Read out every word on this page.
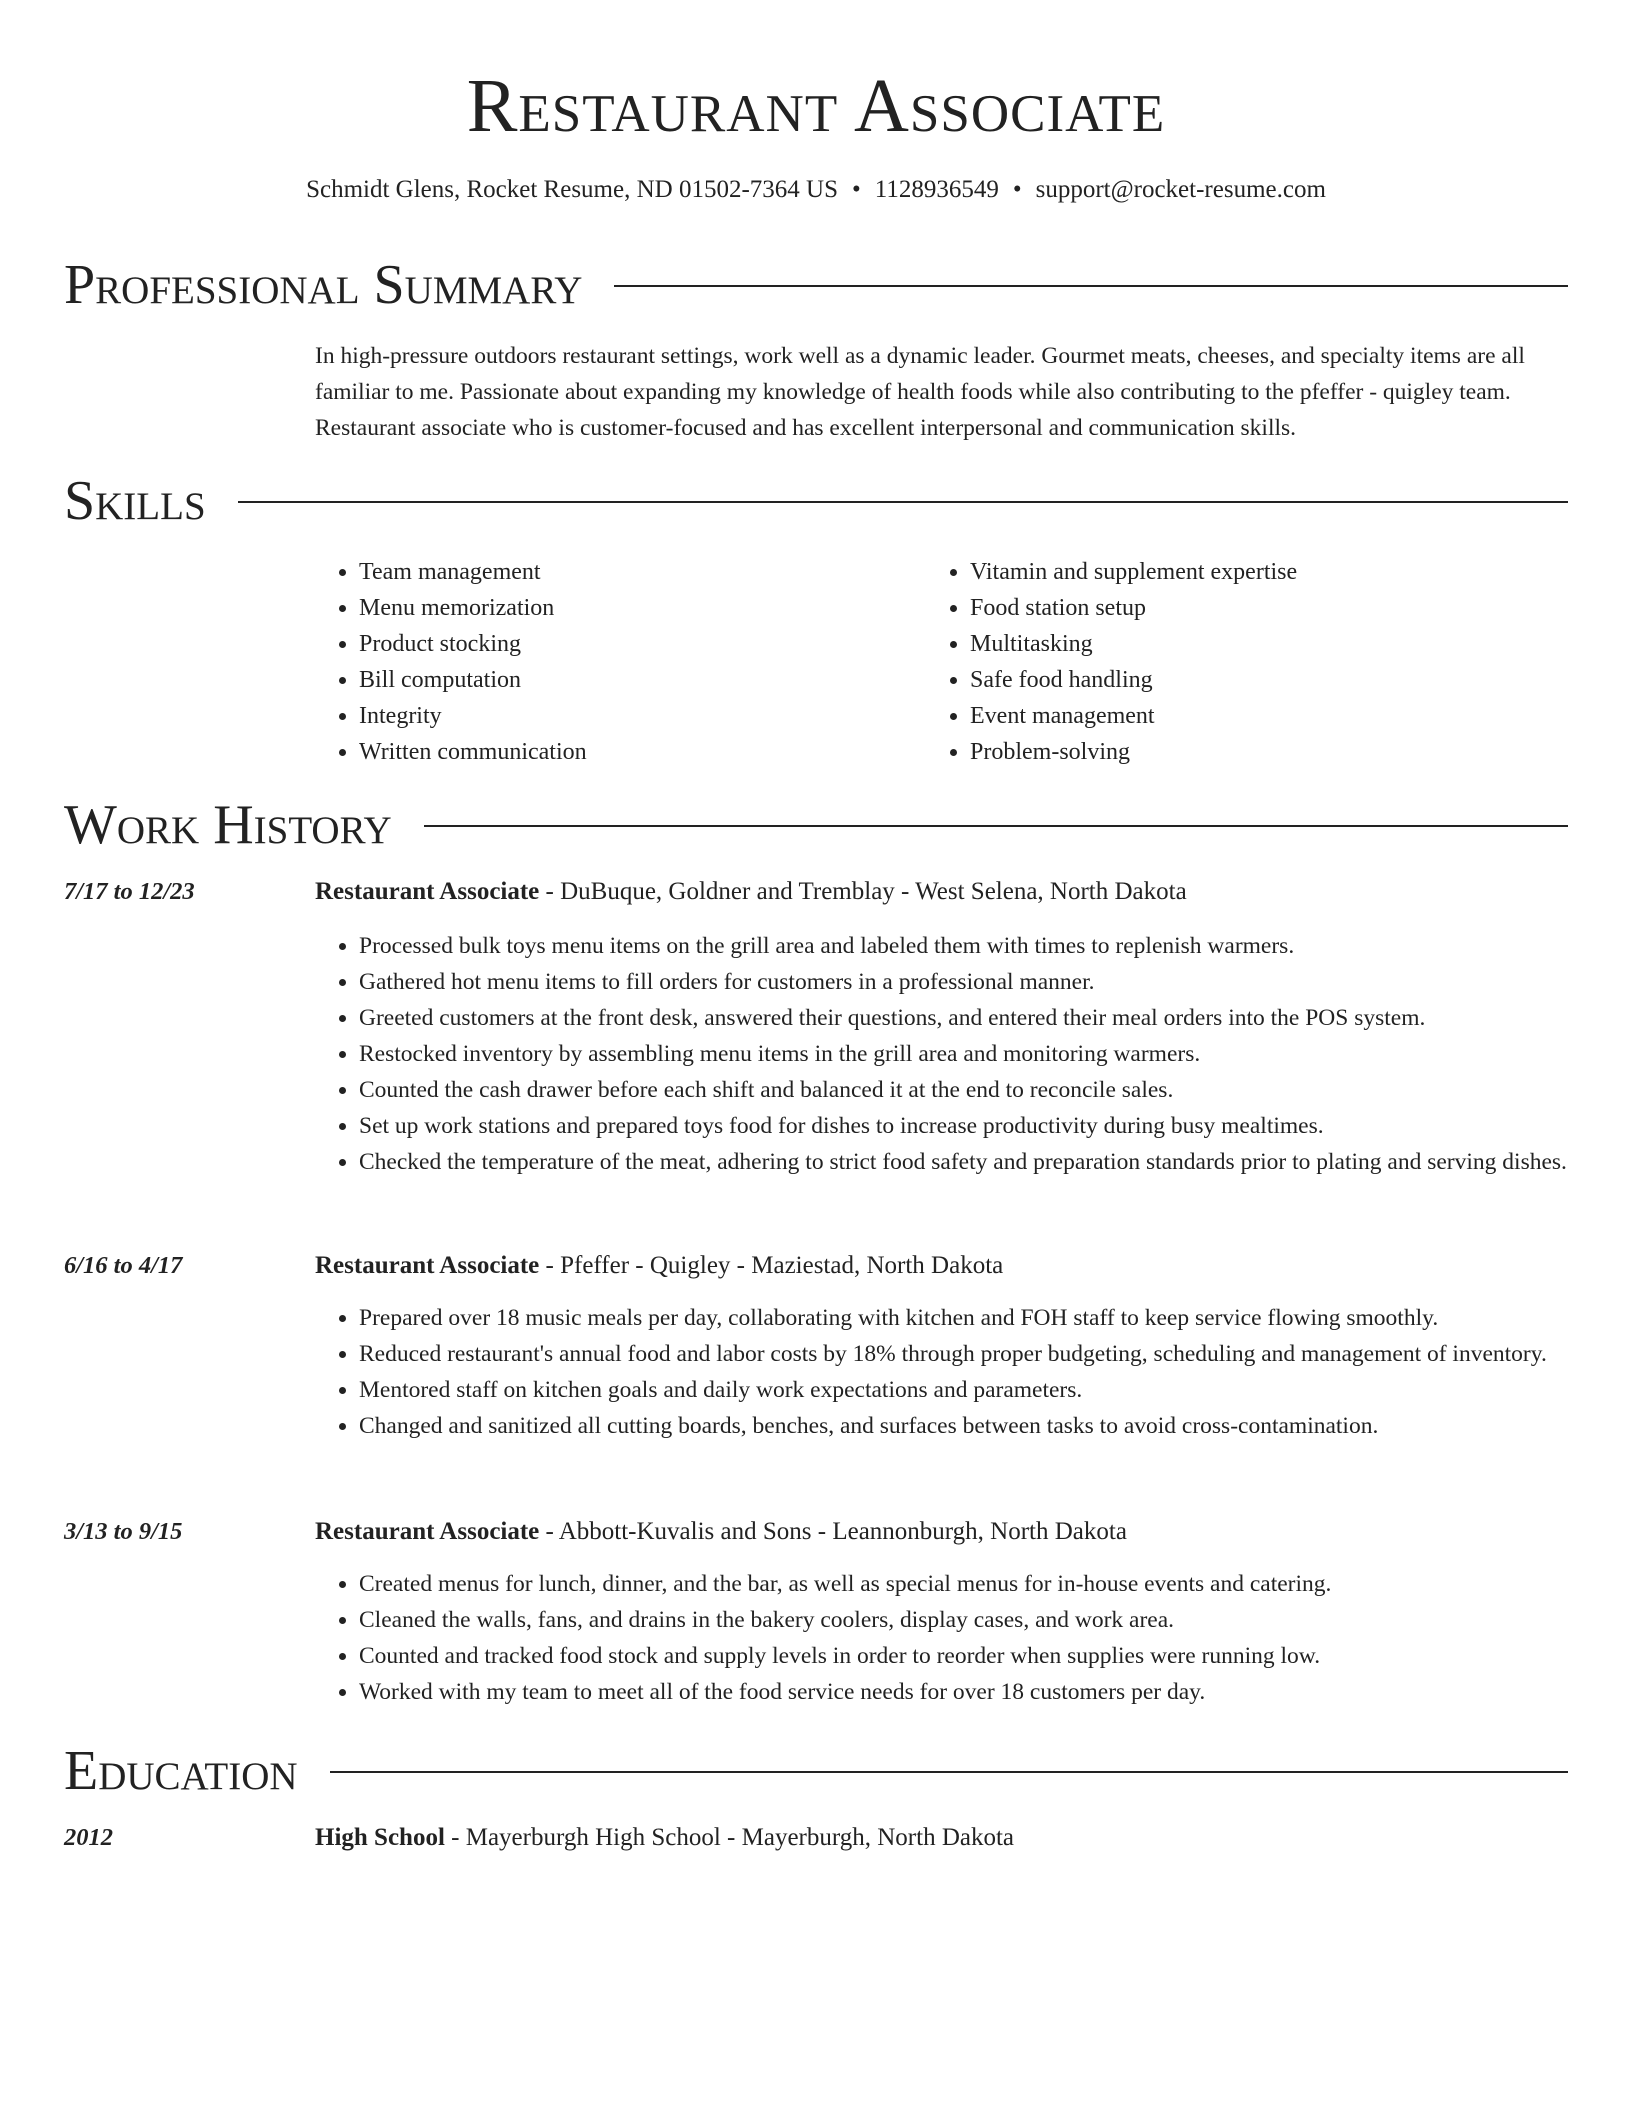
Restaurant Associate
Schmidt Glens, Rocket Resume, ND 01502-7364 US • 1128936549 • support@rocket-resume.com
Professional Summary

In high-pressure outdoors restaurant settings, work well as a dynamic leader. Gourmet meats, cheeses, and specialty items are all familiar to me. Passionate about expanding my knowledge of health foods while also contributing to the pfeffer - quigley team. Restaurant associate who is customer-focused and has excellent interpersonal and communication skills.

Skills
• Team management
• Menu memorization
• Product stocking
• Bill computation
• Integrity
• Written communication
• Vitamin and supplement expertise
• Food station setup
• Multitasking
• Safe food handling
• Event management
• Problem-solving
Work History
7/17 to 12/23	Restaurant Associate - DuBuque, Goldner and Tremblay - West Selena, North Dakota
• Processed bulk toys menu items on the grill area and labeled them with times to replenish warmers.
• Gathered hot menu items to fill orders for customers in a professional manner.
• Greeted customers at the front desk, answered their questions, and entered their meal orders into the POS system.
• Restocked inventory by assembling menu items in the grill area and monitoring warmers.
• Counted the cash drawer before each shift and balanced it at the end to reconcile sales.
• Set up work stations and prepared toys food for dishes to increase productivity during busy mealtimes.
• Checked the temperature of the meat, adhering to strict food safety and preparation standards prior to plating and serving dishes.
6/16 to 4/17	Restaurant Associate - Pfeffer - Quigley - Maziestad, North Dakota
• Prepared over 18 music meals per day, collaborating with kitchen and FOH staff to keep service flowing smoothly.
• Reduced restaurant's annual food and labor costs by 18% through proper budgeting, scheduling and management of inventory.
• Mentored staff on kitchen goals and daily work expectations and parameters.
• Changed and sanitized all cutting boards, benches, and surfaces between tasks to avoid cross-contamination.
3/13 to 9/15	Restaurant Associate - Abbott-Kuvalis and Sons - Leannonburgh, North Dakota
• Created menus for lunch, dinner, and the bar, as well as special menus for in-house events and catering.
• Cleaned the walls, fans, and drains in the bakery coolers, display cases, and work area.
• Counted and tracked food stock and supply levels in order to reorder when supplies were running low.
• Worked with my team to meet all of the food service needs for over 18 customers per day.
Education
2012	High School - Mayerburgh High School - Mayerburgh, North Dakota
